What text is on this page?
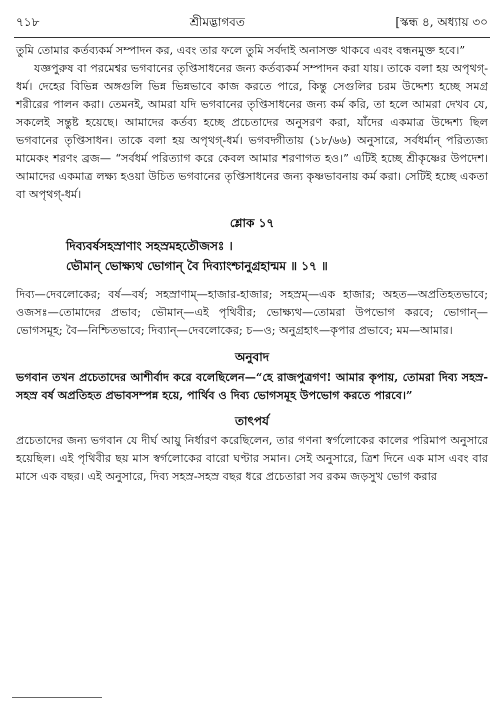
৭১৮	শ্রীমদ্ভাগবত	[স্কন্ধ ৪, অধ্যায় ৩০

তুমি তোমার কর্তব্যকর্ম সম্পাদন কর, এবং তার ফলে তুমি সর্বদাই অনাসক্ত থাকবে এবং বন্ধনমুক্ত হবে।”

যজ্ঞপুরুষ বা পরমেশ্বর ভগবানের তৃপ্তিসাধনের জন্য কর্তব্যকর্ম সম্পাদন করা যায়। তাকে বলা হয় অপৃথগ্‌-ধর্ম। দেহের বিভিন্ন অঙ্গগুলি ভিন্ন ভিন্নভাবে কাজ করতে পারে, কিন্তু সেগুলির চরম উদ্দেশ্য হচ্ছে সমগ্র শরীরের পালন করা। তেমনই, আমরা যদি ভগবানের তৃপ্তিসাধনের জন্য কর্ম করি, তা হলে আমরা দেখব যে, সকলেই সন্তুষ্ট হয়েছে। আমাদের কর্তব্য হচ্ছে প্রচেতাদের অনুসরণ করা, যাঁদের একমাত্র উদ্দেশ্য ছিল ভগবানের তৃপ্তিসাধন। তাকে বলা হয় অপৃথগ্‌-ধর্ম। ভগবদ্গীতায় (১৮/৬৬) অনুসারে, সর্বধর্মান্‌ পরিত্যজ্য মামেকং শরণং ব্রজ— “সর্বধর্ম পরিত্যাগ করে কেবল আমার শরণাগত হও।” এটিই হচ্ছে শ্রীকৃষ্ণের উপদেশ। আমাদের একমাত্র লক্ষ্য হওয়া উচিত ভগবানের তৃপ্তিসাধনের জন্য কৃষ্ণভাবনায় কর্ম করা। সেটিই হচ্ছে একতা বা অপৃথগ্‌-ধর্ম।

শ্লোক ১৭
দিব্যবর্ষসহস্রাণাং সহস্রমহতৌজসঃ ।
ভৌমান্‌ ভোক্ষ্যথ ভোগান্‌ বৈ দিব্যাংশ্চানুগ্রহান্মম ॥ ১৭ ॥

দিব্য—দেবলোকের; বর্ষ—বর্ষ; সহস্রাণাম্‌—হাজার-হাজার; সহস্রম্‌—এক হাজার; অহত—অপ্রতিহতভাবে; ওজসঃ—তোমাদের প্রভাব; ভৌমান্‌—এই পৃথিবীর; ভোক্ষ্যথ—তোমরা উপভোগ করবে; ভোগান্‌—ভোগসমূহ; বৈ—নিশ্চিতভাবে; দিব্যান্‌—দেবলোকের; চ—ও; অনুগ্রহাৎ—কৃপার প্রভাবে; মম—আমার।

অনুবাদ

ভগবান তখন প্রচেতাদের আশীর্বাদ করে বলেছিলেন—“হে রাজপুত্রগণ! আমার কৃপায়, তোমরা দিব্য সহস্র-সহস্র বর্ষ অপ্রতিহত প্রভাবসম্পন্ন হয়ে, পার্থিব ও দিব্য ভোগসমূহ উপভোগ করতে পারবে।”

তাৎপর্য

প্রচেতাদের জন্য ভগবান যে দীর্ঘ আয়ু নির্ধারণ করেছিলেন, তার গণনা স্বর্গলোকের কালের পরিমাপ অনুসারে হয়েছিল। এই পৃথিবীর ছয় মাস স্বর্গলোকের বারো ঘণ্টার সমান। সেই অনুসারে, ত্রিশ দিনে এক মাস এবং বার মাসে এক বছর। এই অনুসারে, দিব্য সহস্র-সহস্র বছর ধরে প্রচেতারা সব রকম জড়সুখ ভোগ করার
